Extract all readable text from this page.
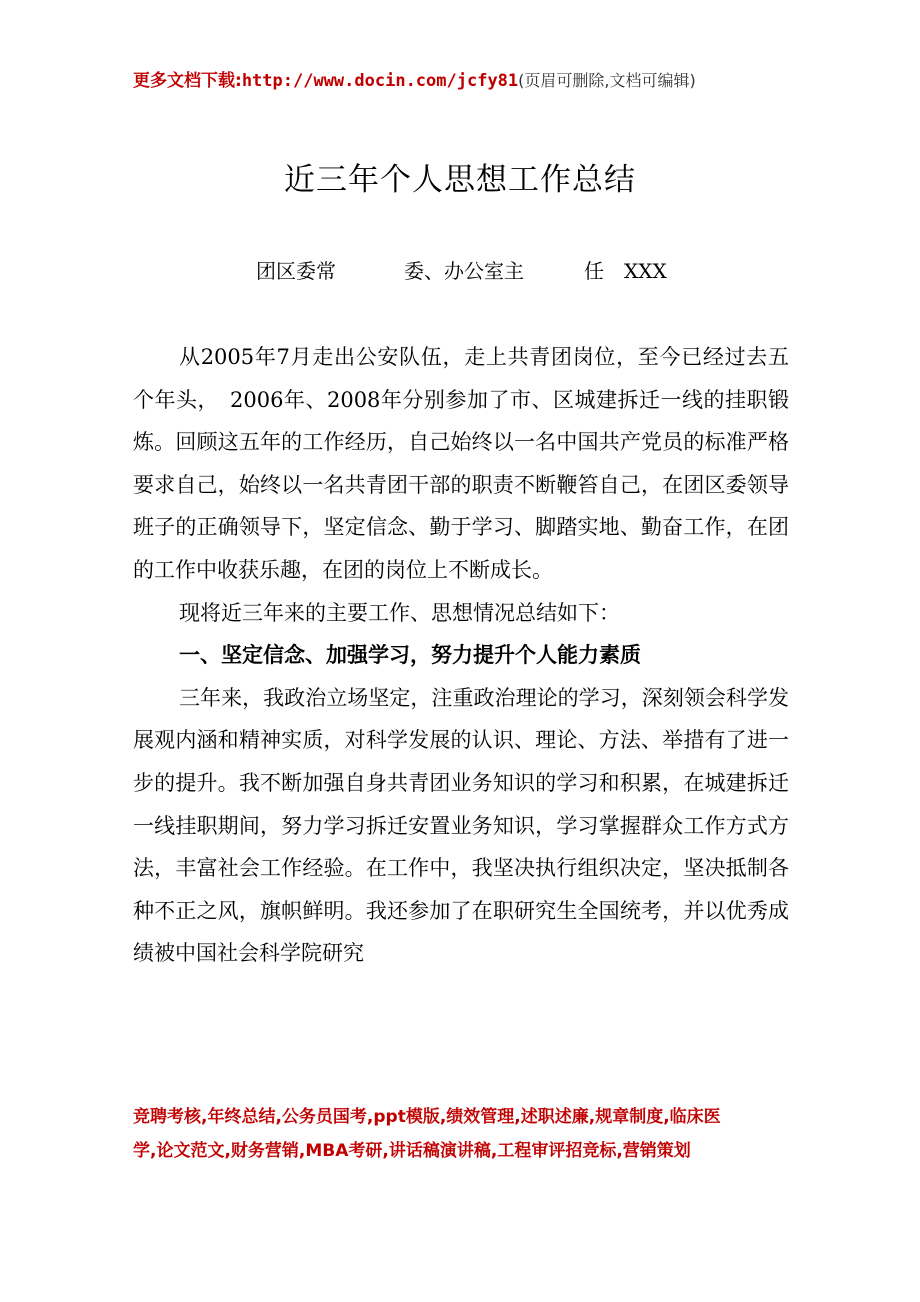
更多文档下载:http://www.docin.com/jcfy81(页眉可删除,文档可编辑)
近三年个人思想工作总结
团区委常	委、办公室主	任　XXX

从2005年7月走出公安队伍，走上共青团岗位，至今已经过去五个年头，　2006年、2008年分别参加了市、区城建拆迁一线的挂职锻炼。回顾这五年的工作经历，自己始终以一名中国共产党员的标准严格要求自己，始终以一名共青团干部的职责不断鞭笞自己，在团区委领导班子的正确领导下，坚定信念、勤于学习、脚踏实地、勤奋工作，在团的工作中收获乐趣，在团的岗位上不断成长。

现将近三年来的主要工作、思想情况总结如下：

一、坚定信念、加强学习，努力提升个人能力素质

三年来，我政治立场坚定，注重政治理论的学习，深刻领会科学发展观内涵和精神实质，对科学发展的认识、理论、方法、举措有了进一步的提升。我不断加强自身共青团业务知识的学习和积累，在城建拆迁一线挂职期间，努力学习拆迁安置业务知识，学习掌握群众工作方式方法，丰富社会工作经验。在工作中，我坚决执行组织决定，坚决抵制各种不正之风，旗帜鲜明。我还参加了在职研究生全国统考，并以优秀成绩被中国社会科学院研究

竞聘考核,年终总结,公务员国考,ppt模版,绩效管理,述职述廉,规章制度,临床医
学,论文范文,财务营销,MBA考研,讲话稿演讲稿,工程审评招竞标,营销策划
